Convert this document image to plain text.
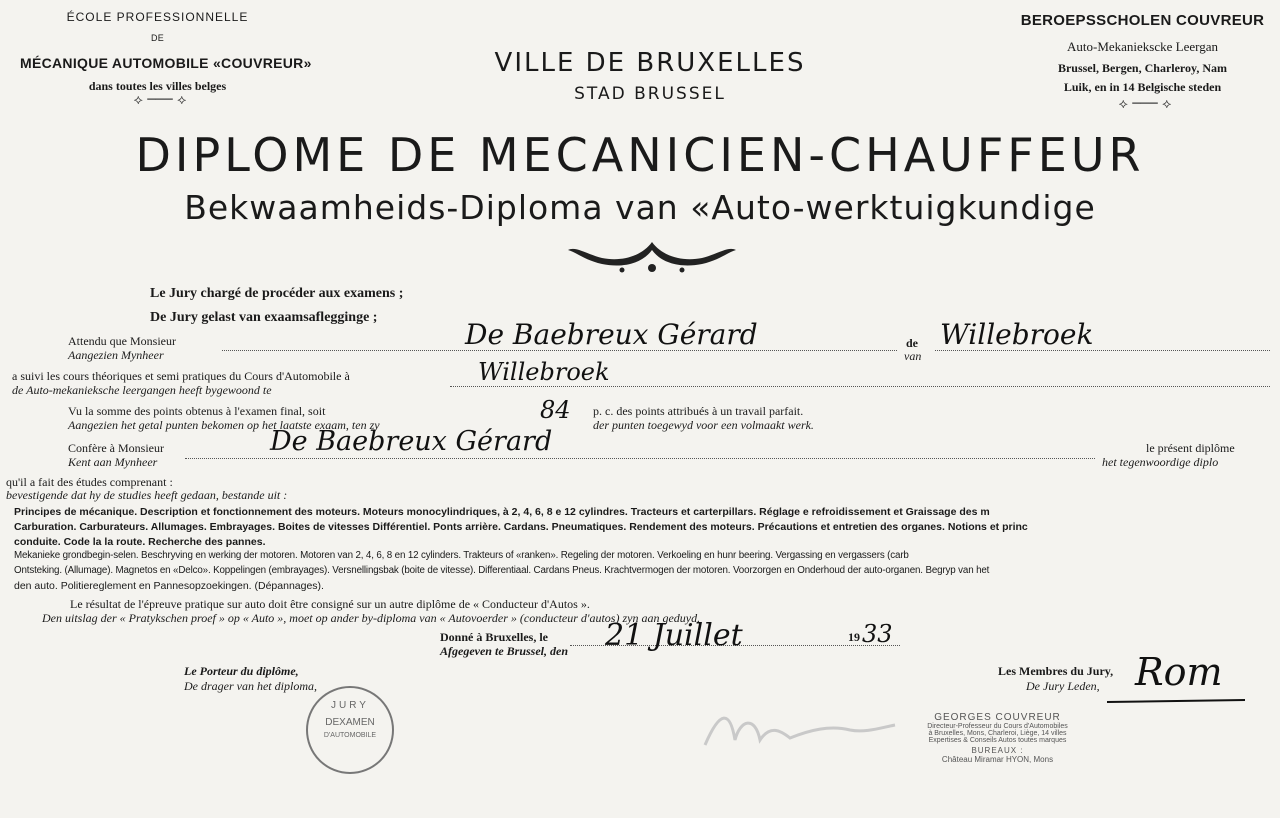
ÉCOLE PROFESSIONNELLE
DE
MÉCANIQUE AUTOMOBILE «COUVREUR»
dans toutes les villes belges
⟡ ─── ⟡
VILLE DE BRUXELLES
STAD BRUSSEL
BEROEPSSCHOLEN COUVREUR
Auto-Mekaniekscke Leergan
Brussel, Bergen, Charleroy, Nam
Luik, en in 14 Belgische steden
⟡ ─── ⟡
DIPLOME DE MECANICIEN-CHAUFFEUR
Bekwaamheids-Diploma van «Auto-werktuigkundige
Le Jury chargé de procéder aux examens ;
De Jury gelast van exaamsaflegginge ;
Attendu que Monsieur
Aangezien Mynheer
De Baebreux Gérard	de
van
Willebroek
a suivi les cours théoriques et semi pratiques du Cours d'Automobile à
de Auto-mekanieksche leergangen heeft bygewoond te
Willebroek
Vu la somme des points obtenus à l'examen final, soit
Aangezien het getal punten bekomen op het laatste exaam, ten zy
84 p. c. des points attribués à un travail parfait.
der punten toegewyd voor een volmaakt werk.
Confère à Monsieur
Kent aan Mynheer
De Baebreux Gérard	le présent diplôme
het tegenwoordige diplo
qu'il a fait des études comprenant :
bevestigende dat hy de studies heeft gedaan, bestande uit :
Principes de mécanique. Description et fonctionnement des moteurs. Moteurs monocylindriques, à 2, 4, 6, 8 e 12 cylindres. Tracteurs et carterpillars. Réglage e refroidissement et Graissage des m
Carburation. Carburateurs. Allumages. Embrayages. Boites de vitesses Différentiel. Ponts arrière. Cardans. Pneumatiques. Rendement des moteurs. Précautions et entretien des organes. Notions et princ
conduite. Code la la route. Recherche des pannes.
Mekanieke grondbegin-selen. Beschryving en werking der motoren. Motoren van 2, 4, 6, 8 en 12 cylinders. Trakteurs of «ranken». Regeling der motoren. Verkoeling en hunr beering. Vergassing en vergassers (carb
Ontsteking. (Allumage). Magnetos en «Delco». Koppelingen (embrayages). Versnellingsbak (boite de vitesse). Differentiaal. Cardans Pneus. Krachtvermogen der motoren. Voorzorgen en Onderhoud der auto-organen. Begryp van het
den auto. Politiereglement en Pannesopzoekingen. (Dépannages).
Le résultat de l'épreuve pratique sur auto doit être consigné sur un autre diplôme de « Conducteur d'Autos ».
Den uitslag der « Pratykschen proef » op « Auto », moet op ander by-diploma van « Autovoerder » (conducteur d'autos) zyn aan geduyd.
Donné à Bruxelles, le
Afgegeven te Brussel, den 21 Juillet	19 33
Le Porteur du diplôme,
De drager van het diploma,
JURY
DEXAMEN
D'AUTOMOBILE
GEORGES COUVREUR
Directeur-Professeur du Cours d'Automobiles
à Bruxelles, Mons, Charleroi, Liège, 14 villes
Expertises & Conseils Autos toutes marques
BUREAUX :
Château Miramar HYON, Mons
Les Membres du Jury,
De Jury Leden, Rom
